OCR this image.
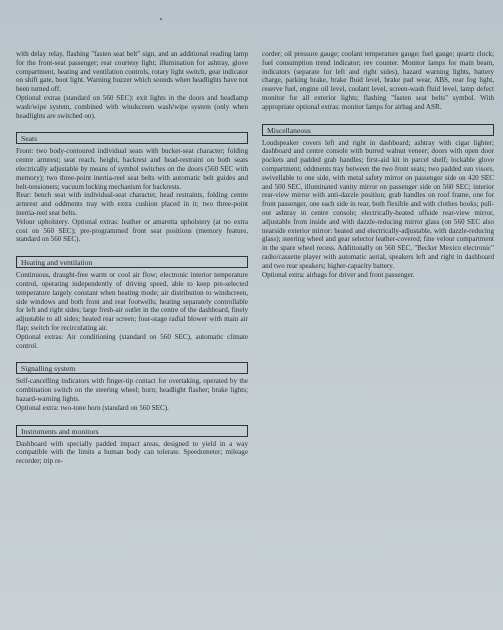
with delay relay, flashing "fasten seat belt" sign, and an additional reading lamp for the front-seat passenger; rear courtesy light; illumination for ashtray, glove compartment, heating and ventilation controls, rotary light switch, gear indicator on shift gate, boot light. Warning buzzer which sounds when headlights have not been turned off.

Optional extras (standard on 560 SEC): exit lights in the doors and headlamp wash/wipe system, combined with windscreen wash/wipe system (only when headlights are switched on).

Seats

Front: two body-contoured individual seats with bucket-seat character; folding centre armrest; seat reach, height, backrest and head-restraint on both seats electrically adjustable by means of symbol switches on the doors (560 SEC with memory); two three-point inertia-reel seat belts with automatic belt guides and belt-tensioners; vacuum locking mechanism for backrests.

Rear: bench seat with individual-seat character, head restraints, folding centre armrest and oddments tray with extra cushion placed in it; two three-point inertia-reel seat belts.

Velour upholstery. Optional extras: leather or amaretta upholstery (at no extra cost on 560 SEC); pre-programmed front seat positions (memory feature, standard on 560 SEC).

Heating and ventilation

Continuous, draught-free warm or cool air flow; electronic interior temperature control, operating independently of driving speed, able to keep pre-selected temperature largely constant when heating mode; air distribution to windscreen, side windows and both front and rear footwells; heating separately controllable for left and right sides; large fresh-air outlet in the centre of the dashboard, finely adjustable to all sides; heated rear screen; four-stage radial blower with main air flap; switch for recirculating air.

Optional extras: Air conditioning (standard on 560 SEC), automatic climate control.

Signalling system

Self-cancelling indicators with finger-tip contact for overtaking, operated by the combination switch on the steering wheel; horn; headlight flasher; brake lights; hazard-warning lights.

Optional extra: two-tone horn (standard on 560 SEC).

Instruments and monitors

Dashboard with specially padded impact areas, designed to yield in a way compatible with the limits a human body can tolerate. Speedometer; mileage recorder; trip re-

corder; oil pressure gauge; coolant temperature gauge; fuel gauge; quartz clock; fuel consumption trend indicator; rev counter. Monitor lamps for main beam, indicators (separate for left and right sides), hazard warning lights, battery charge, parking brake, brake fluid level, brake pad wear, ABS, rear fog light, reserve fuel, engine oil level, coolant level, screen-wash fluid level, lamp defect monitor for all exterior lights; flashing "fasten seat belts" symbol. With appropriate optional extras: monitor lamps for airbag and ASR.

Miscellaneous

Loudspeaker covers left and right in dashboard; ashtray with cigar lighter; dashboard and centre console with burred walnut veneer; doors with open door pockets and padded grab handles; first-aid kit in parcel shelf; lockable glove compartment; oddments tray between the two front seats; two padded sun visors, swivellable to one side, with metal safety mirror on passenger side on 420 SEC and 500 SEC, illuminated vanity mirror on passenger side on 560 SEC; interior rear-view mirror with anti-dazzle position; grab handles on roof frame, one for front passenger, one each side in rear, both flexible and with clothes hooks; pull-out ashtray in centre console; electrically-heated offside rear-view mirror, adjustable from inside and with dazzle-reducing mirror glass (on 560 SEC also nearside exterior mirror: heated and electrically-adjustable, with dazzle-reducing glass); steering wheel and gear selector leather-covered; fine velour compartment in the spare wheel recess. Additionally on 560 SEC, "Becker Mexico electronic" radio/cassette player with automatic aerial, speakers left and right in dashboard and two rear speakers; higher-capacity battery.

Optional extra: airbags for driver and front passenger.
